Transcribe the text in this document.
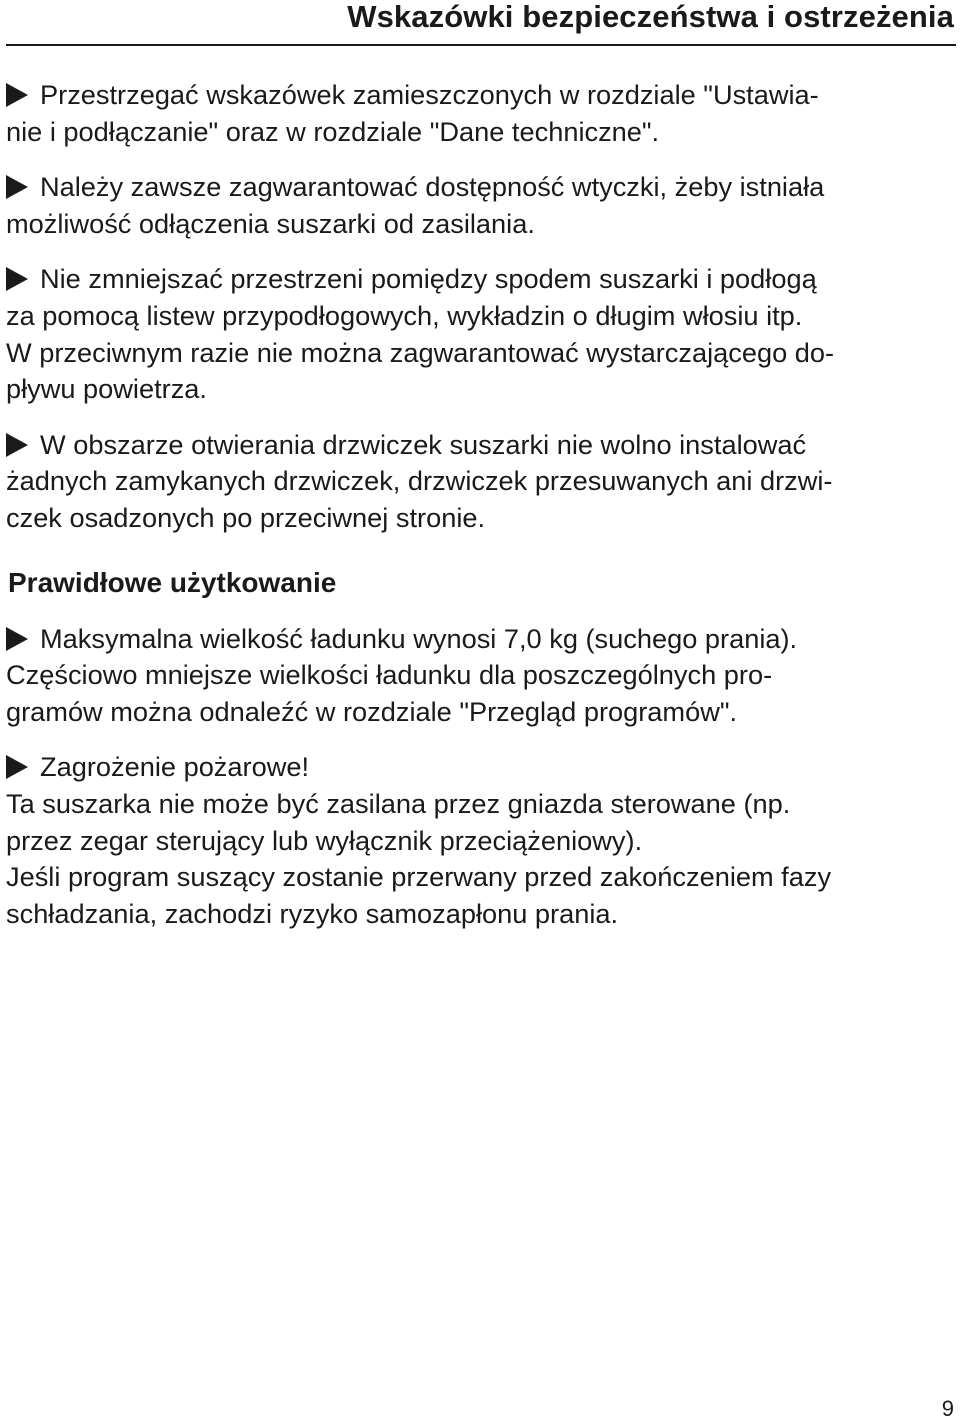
Wskazówki bezpieczeństwa i ostrzeżenia
Przestrzegać wskazówek zamieszczonych w rozdziale "Ustawia-
nie i podłączanie" oraz w rozdziale "Dane techniczne".
Należy zawsze zagwarantować dostępność wtyczki, żeby istniała
możliwość odłączenia suszarki od zasilania.
Nie zmniejszać przestrzeni pomiędzy spodem suszarki i podłogą
za pomocą listew przypodłogowych, wykładzin o długim włosiu itp.
W przeciwnym razie nie można zagwarantować wystarczającego do-
pływu powietrza.
W obszarze otwierania drzwiczek suszarki nie wolno instalować
żadnych zamykanych drzwiczek, drzwiczek przesuwanych ani drzwi-
czek osadzonych po przeciwnej stronie.
Prawidłowe użytkowanie
Maksymalna wielkość ładunku wynosi 7,0 kg (suchego prania).
Częściowo mniejsze wielkości ładunku dla poszczególnych pro-
gramów można odnaleźć w rozdziale "Przegląd programów".
Zagrożenie pożarowe!
Ta suszarka nie może być zasilana przez gniazda sterowane (np.
przez zegar sterujący lub wyłącznik przeciążeniowy).
Jeśli program suszący zostanie przerwany przed zakończeniem fazy
schładzania, zachodzi ryzyko samozapłonu prania.
9
